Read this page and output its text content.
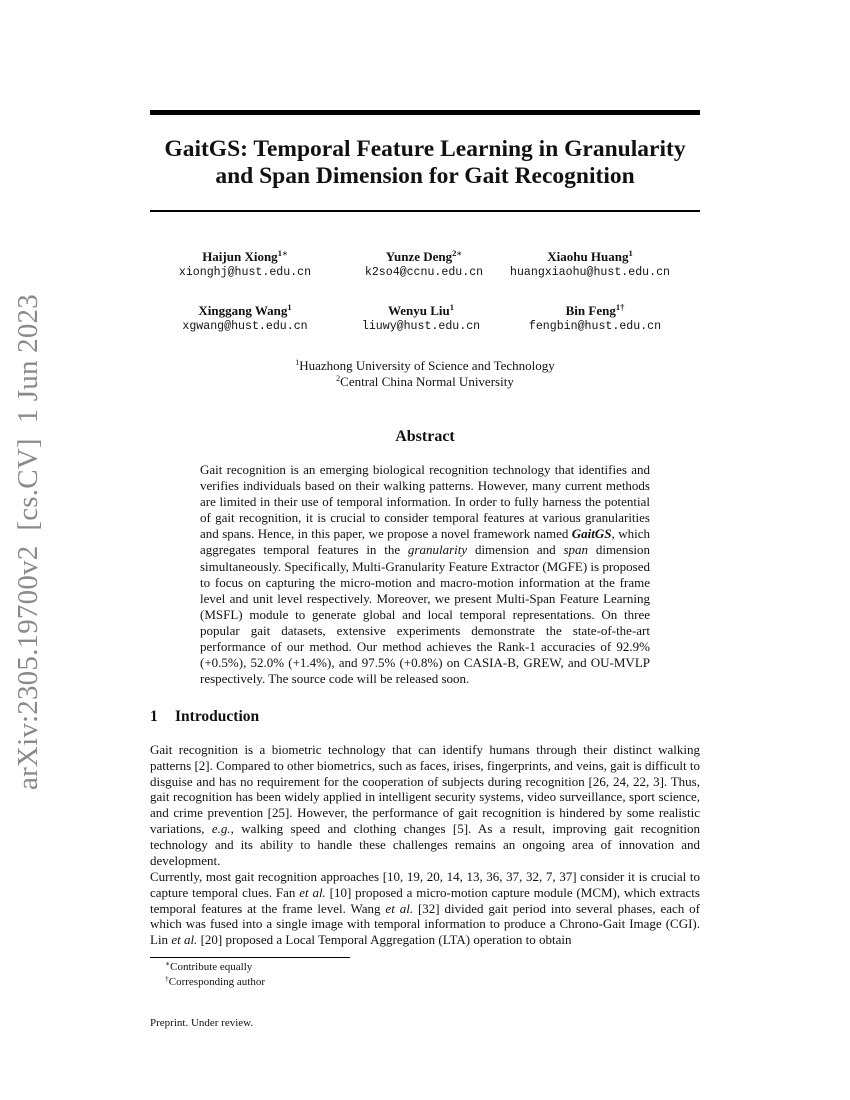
arXiv:2305.19700v2  [cs.CV]  1 Jun 2023
GaitGS: Temporal Feature Learning in Granularity
and Span Dimension for Gait Recognition
Haijun Xiong$^{1∗}$
xionghj@hust.edu.cn
Yunze Deng$^{2∗}$
k2so4@ccnu.edu.cn
Xiaohu Huang$^1$
huangxiaohu@hust.edu.cn
Xinggang Wang$^1$
xgwang@hust.edu.cn
Wenyu Liu$^1$
liuwy@hust.edu.cn
Bin Feng$^{1\dagger}$
fengbin@hust.edu.cn
$^1$Huazhong University of Science and Technology
$^2$Central China Normal University
Abstract
Gait recognition is an emerging biological recognition technology that identifies and verifies individuals based on their walking patterns. However, many current methods are limited in their use of temporal information. In order to fully harness the potential of gait recognition, it is crucial to consider temporal features at various granularities and spans. Hence, in this paper, we propose a novel framework named GaitGS, which aggregates temporal features in the granularity dimension and span dimension simultaneously. Specifically, Multi-Granularity Feature Extractor (MGFE) is proposed to focus on capturing the micro-motion and macro-motion information at the frame level and unit level respectively. Moreover, we present Multi-Span Feature Learning (MSFL) module to generate global and local temporal representations. On three popular gait datasets, extensive experiments demonstrate the state-of-the-art performance of our method. Our method achieves the Rank-1 accuracies of 92.9% (+0.5%), 52.0% (+1.4%), and 97.5% (+0.8%) on CASIA-B, GREW, and OU-MVLP respectively. The source code will be released soon.
1 Introduction
Gait recognition is a biometric technology that can identify humans through their distinct walking patterns [2]. Compared to other biometrics, such as faces, irises, fingerprints, and veins, gait is difficult to disguise and has no requirement for the cooperation of subjects during recognition [26, 24, 22, 3]. Thus, gait recognition has been widely applied in intelligent security systems, video surveillance, sport science, and crime prevention [25]. However, the performance of gait recognition is hindered by some realistic variations, e.g., walking speed and clothing changes [5]. As a result, improving gait recognition technology and its ability to handle these challenges remains an ongoing area of innovation and development.
Currently, most gait recognition approaches [10, 19, 20, 14, 13, 36, 37, 32, 7, 37] consider it is crucial to capture temporal clues. Fan et al. [10] proposed a micro-motion capture module (MCM), which extracts temporal features at the frame level. Wang et al. [32] divided gait period into several phases, each of which was fused into a single image with temporal information to produce a Chrono-Gait Image (CGI). Lin et al. [20] proposed a Local Temporal Aggregation (LTA) operation to obtain
∗Contribute equally
†Corresponding author
Preprint. Under review.
